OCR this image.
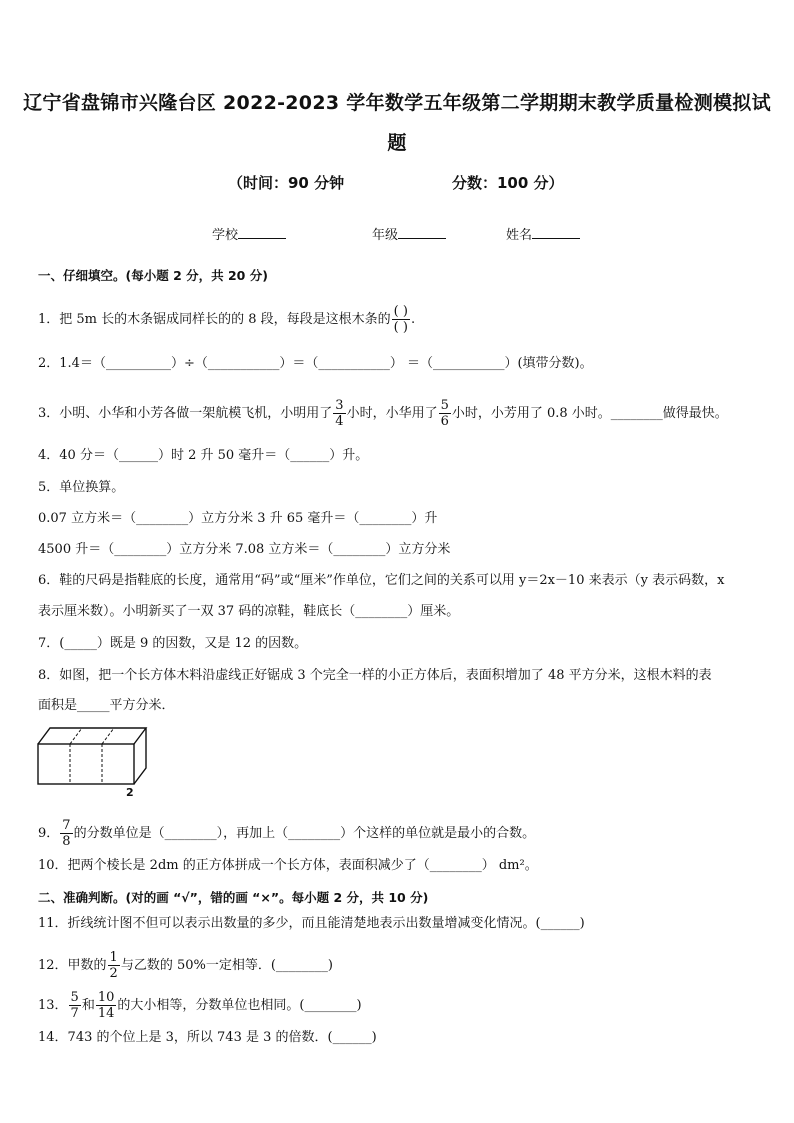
辽宁省盘锦市兴隆台区 2022-2023 学年数学五年级第二学期期末教学质量检测模拟试
题
（时间：90 分钟	分数：100 分）
学校	年级	姓名
一、仔细填空。(每小题 2 分，共 20 分)
1．把 5m 长的木条锯成同样长的的 8 段，每段是这根木条的 $\frac{( )}{( )}$ .
2．1.4＝（__________）÷（___________）＝（___________） ＝（___________）(填带分数)。
3．小明、小华和小芳各做一架航模飞机，小明用了 $\frac{3}{4}$ 小时，小华用了 $\frac{5}{6}$ 小时，小芳用了 0.8 小时。________做得最快。
4．40 分＝（______）时 2 升 50 毫升＝（______）升。
5．单位换算。
0.07 立方米＝（________）立方分米 3 升 65 毫升＝（________）升
4500 升＝（________）立方分米 7.08 立方米＝（________）立方分米
6．鞋的尺码是指鞋底的长度，通常用“码”或“厘米”作单位，它们之间的关系可以用 y＝2x－10 来表示（y 表示码数，x
表示厘米数）。小明新买了一双 37 码的凉鞋，鞋底长（________）厘米。
7．(_____）既是 9 的因数，又是 12 的因数。
8．如图，把一个长方体木料沿虚线正好锯成 3 个完全一样的小正方体后，表面积增加了 48 平方分米，这根木料的表
面积是_____平方分米．
2
9． $\frac{7}{8}$ 的分数单位是（________），再加上（________）个这样的单位就是最小的合数。
10．把两个棱长是 2dm 的正方体拼成一个长方体，表面积减少了（________） dm²。
二、准确判断。(对的画 “√”，错的画 “×”。每小题 2 分，共 10 分)
11．折线统计图不但可以表示出数量的多少，而且能清楚地表示出数量增减变化情况。(______)
12．甲数的 $\frac{1}{2}$ 与乙数的 50%一定相等．(________)
13． $\frac{5}{7}$ 和 $\frac{10}{14}$ 的大小相等，分数单位也相同。(________)
14．743 的个位上是 3，所以 743 是 3 的倍数．(______)
